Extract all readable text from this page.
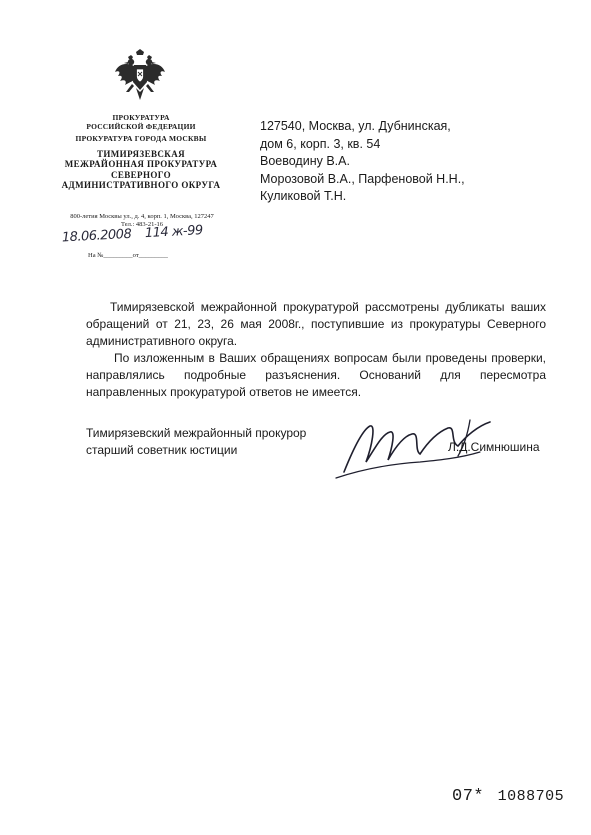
ПРОКУРАТУРА
РОССИЙСКОЙ ФЕДЕРАЦИИ
ПРОКУРАТУРА ГОРОДА МОСКВЫ
ТИМИРЯЗЕВСКАЯ
МЕЖРАЙОННАЯ ПРОКУРАТУРА
СЕВЕРНОГО
АДМИНИСТРАТИВНОГО ОКРУГА
800-летия Москвы ул., д. 4, корп. 1, Москва, 127247
Тел.: 483-21-16
18.06.2008 114 ж-99
На №_________от_________
127540, Москва, ул. Дубнинская,
дом 6, корп. 3, кв. 54
Воеводину В.А.
Морозовой В.А., Парфеновой Н.Н.,
Куликовой Т.Н.

Тимирязевской межрайонной прокуратурой рассмотрены дубликаты ваших обращений от 21, 23, 26 мая 2008г., поступившие из прокуратуры Северного административного округа.

По изложенным в Ваших обращениях вопросам были проведены проверки, направлялись подробные разъяснения. Оснований для пересмотра направленных прокуратурой ответов не имеется.

Тимирязевский межрайонный прокурор
старший советник юстиции	Л.Д.Симнюшина
07* 1088705
